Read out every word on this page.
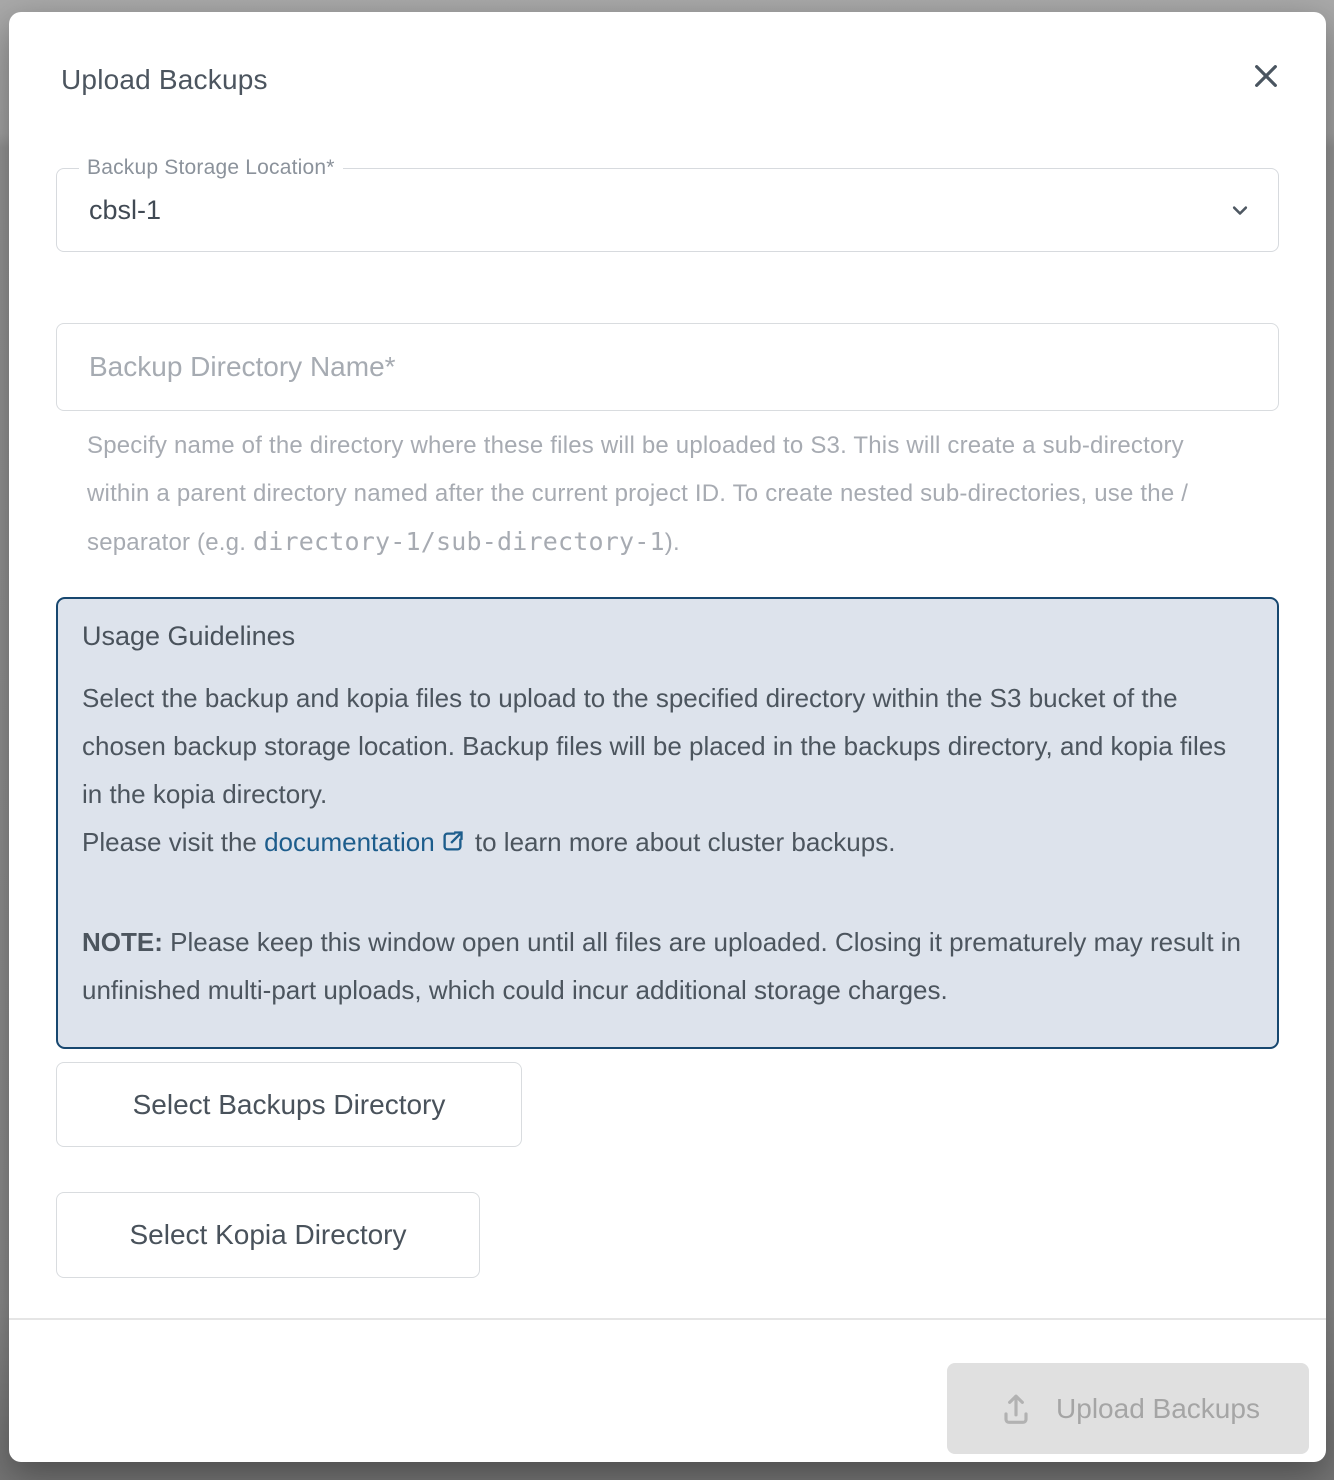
Upload Backups
Backup Storage Location*
cbsl-1
Backup Directory Name*
Specify name of the directory where these files will be uploaded to S3. This will create a sub-directory within a parent directory named after the current project ID. To create nested sub-directories, use the / separator (e.g. directory-1/sub-directory-1).
Usage Guidelines

Select the backup and kopia files to upload to the specified directory within the S3 bucket of the chosen backup storage location. Backup files will be placed in the backups directory, and kopia files in the kopia directory.

Please visit the documentation to learn more about cluster backups.

NOTE: Please keep this window open until all files are uploaded. Closing it prematurely may result in unfinished multi-part uploads, which could incur additional storage charges.

Select Backups Directory
Select Kopia Directory
Upload Backups
